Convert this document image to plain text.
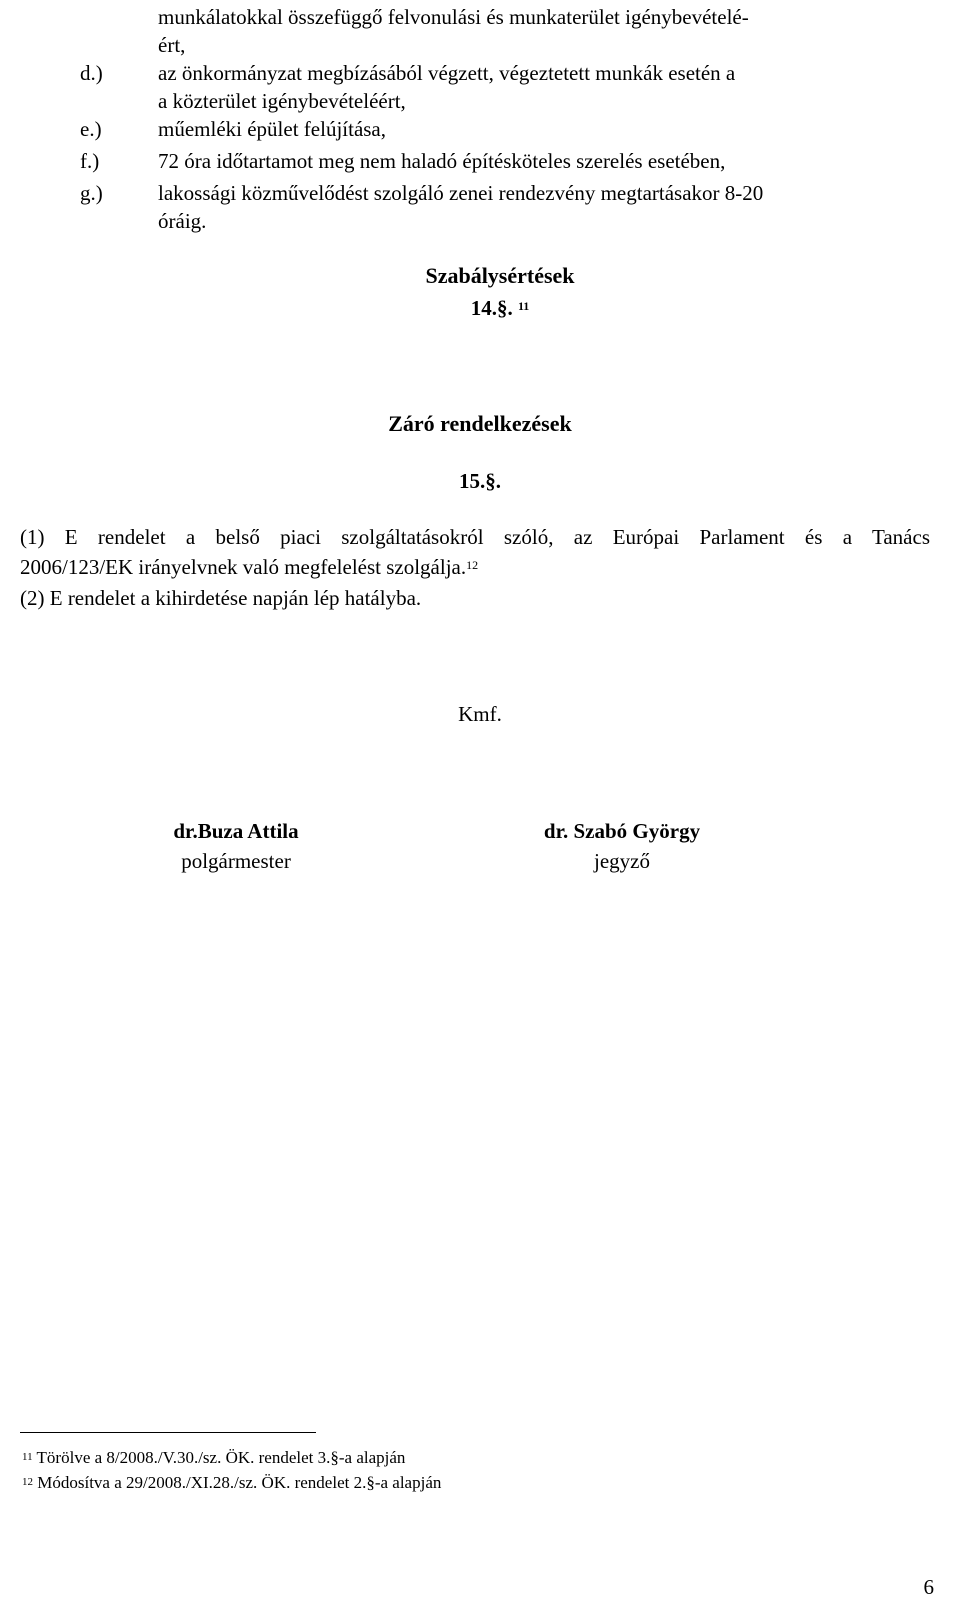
munkálatokkal összefüggő felvonulási és munkaterület igénybevételé-
ért,
d.)	az önkormányzat megbízásából végzett, végeztetett munkák esetén a
a közterület igénybevételéért,
e.)	műemléki épület felújítása,
f.)	72 óra időtartamot meg nem haladó építésköteles szerelés esetében,
g.)	lakossági közművelődést szolgáló zenei rendezvény megtartásakor 8-20
óráig.
Szabálysértések
14.§. $^{11}$
Záró rendelkezések
15.§.
(1) E rendelet a belső piaci szolgáltatásokról szóló, az Európai Parlament és a Tanács
2006/123/EK irányelvnek való megfelelést szolgálja.$^{12}$
(2) E rendelet a kihirdetése napján lép hatályba.
Kmf.
dr.Buza Attila
polgármester
dr. Szabó György
jegyző
$^{11}$ Törölve a 8/2008./V.30./sz. ÖK. rendelet 3.§-a alapján
$^{12}$ Módosítva a 29/2008./XI.28./sz. ÖK. rendelet 2.§-a alapján
6
